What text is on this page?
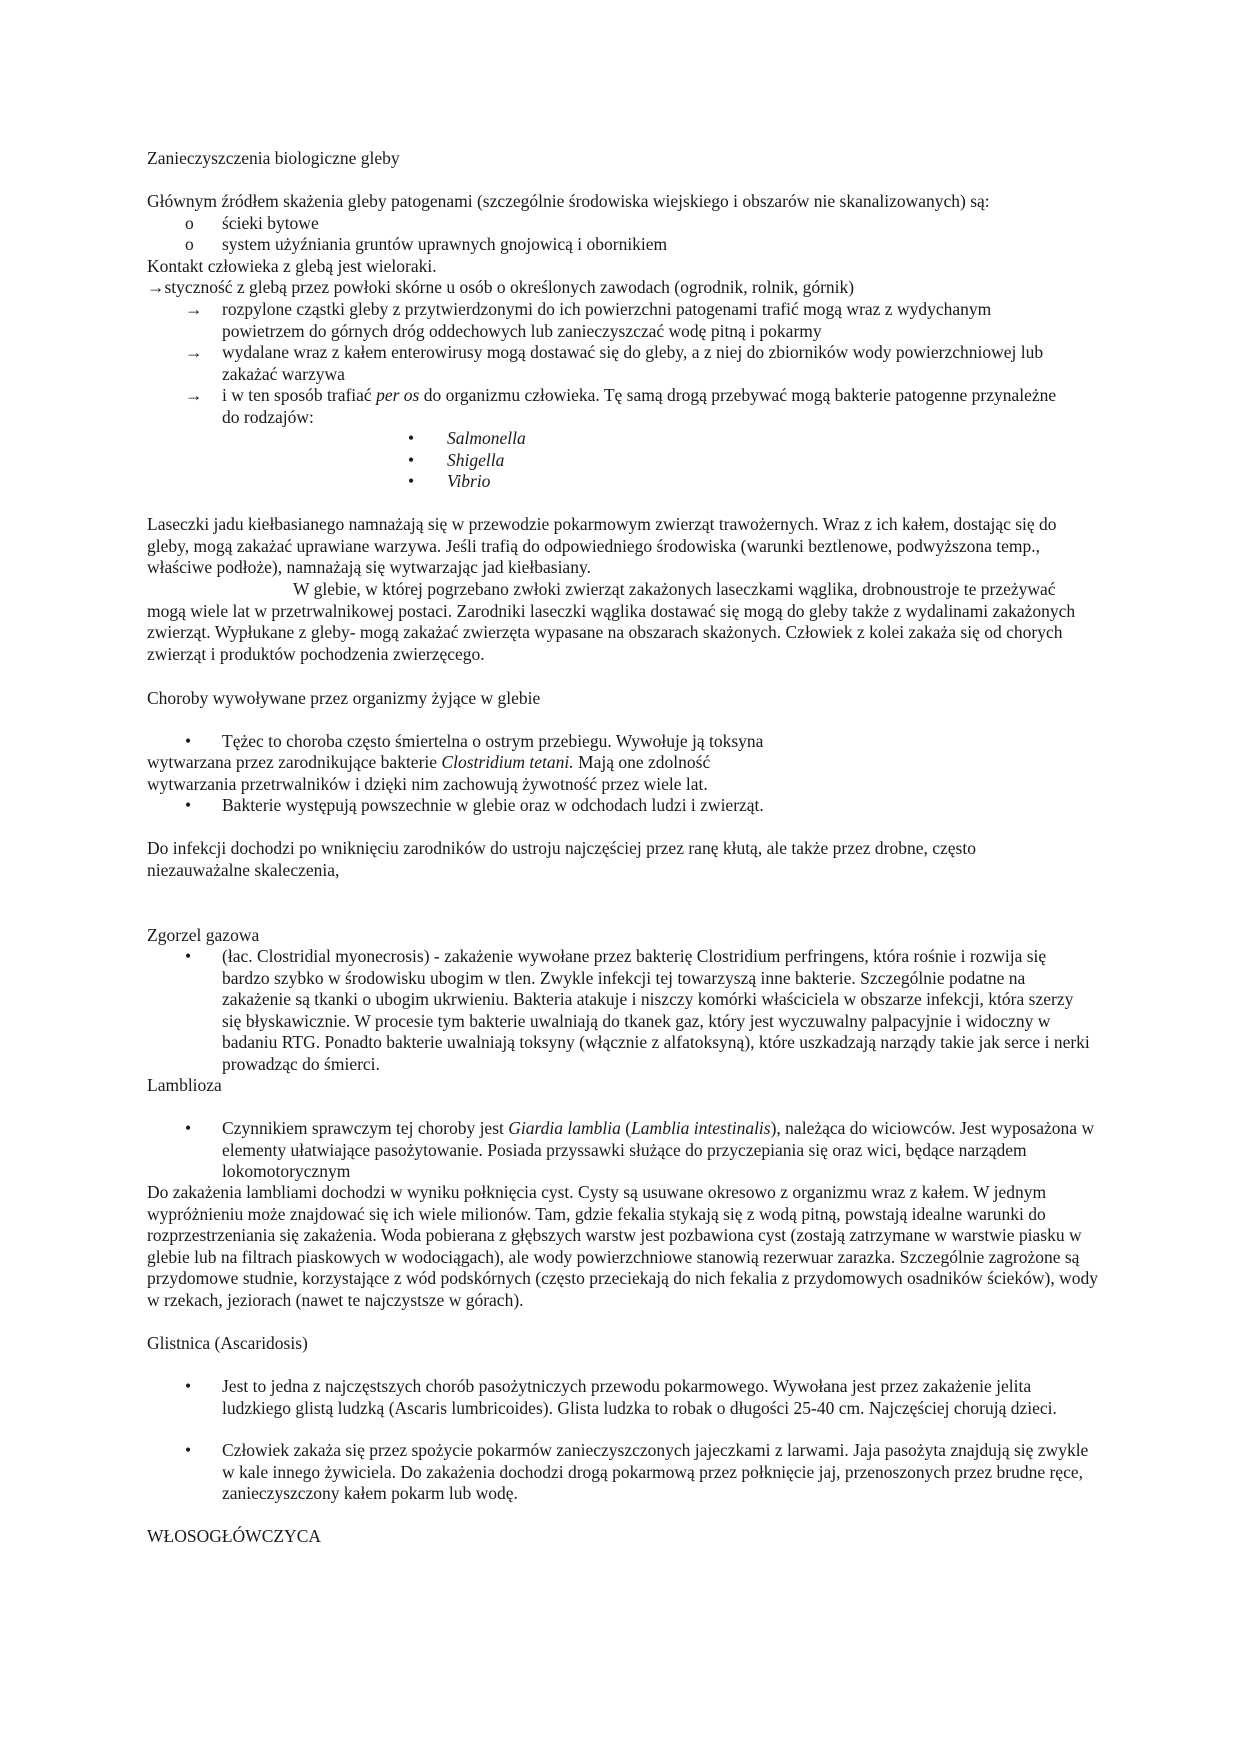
Zanieczyszczenia biologiczne gleby
Głównym źródłem skażenia gleby patogenami (szczególnie środowiska wiejskiego i obszarów nie skanalizowanych) są:
o	ścieki bytowe
o	system użyźniania gruntów uprawnych gnojowicą i obornikiem
Kontakt człowieka z glebą jest wieloraki.
→styczność z glebą przez powłoki skórne u osób o określonych zawodach (ogrodnik, rolnik, górnik)
→	rozpylone cząstki gleby z przytwierdzonymi do ich powierzchni patogenami trafić mogą wraz z wydychanym powietrzem do górnych dróg oddechowych lub zanieczyszczać wodę pitną i pokarmy
→	wydalane wraz z kałem enterowirusy mogą dostawać się do gleby, a z niej do zbiorników wody powierzchniowej lub zakażać warzywa
→	i w ten sposób trafiać per os do organizmu człowieka. Tę samą drogą przebywać mogą bakterie patogenne przynależne do rodzajów:
•	Salmonella
•	Shigella
•	Vibrio
Laseczki jadu kiełbasianego namnażają się w przewodzie pokarmowym zwierząt trawożernych. Wraz z ich kałem, dostając się do gleby, mogą zakażać uprawiane warzywa. Jeśli trafią do odpowiedniego środowiska (warunki beztlenowe, podwyższona temp., właściwe podłoże), namnażają się wytwarzając jad kiełbasiany.
W glebie, w której pogrzebano zwłoki zwierząt zakażonych laseczkami wąglika, drobnoustroje te przeżywać mogą wiele lat w przetrwalnikowej postaci. Zarodniki laseczki wąglika dostawać się mogą do gleby także z wydalinami zakażonych zwierząt. Wypłukane z gleby- mogą zakażać zwierzęta wypasane na obszarach skażonych. Człowiek z kolei zakaża się od chorych zwierząt i produktów pochodzenia zwierzęcego.
Choroby wywoływane przez organizmy żyjące w glebie
•	Tężec to choroba często śmiertelna o ostrym przebiegu. Wywołuje ją toksyna
wytwarzana przez zarodnikujące bakterie Clostridium tetani. Mają one zdolność
wytwarzania przetrwalników i dzięki nim zachowują żywotność przez wiele lat.
•	Bakterie występują powszechnie w glebie oraz w odchodach ludzi i zwierząt.
Do infekcji dochodzi po wniknięciu zarodników do ustroju najczęściej przez ranę kłutą, ale także przez drobne, często niezauważalne skaleczenia,
Zgorzel gazowa
•	(łac. Clostridial myonecrosis) - zakażenie wywołane przez bakterię Clostridium perfringens, która rośnie i rozwija się bardzo szybko w środowisku ubogim w tlen. Zwykle infekcji tej towarzyszą inne bakterie. Szczególnie podatne na zakażenie są tkanki o ubogim ukrwieniu. Bakteria atakuje i niszczy komórki właściciela w obszarze infekcji, która szerzy się błyskawicznie. W procesie tym bakterie uwalniają do tkanek gaz, który jest wyczuwalny palpacyjnie i widoczny w badaniu RTG. Ponadto bakterie uwalniają toksyny (włącznie z alfatoksyną), które uszkadzają narządy takie jak serce i nerki prowadząc do śmierci.
Lamblioza
•	Czynnikiem sprawczym tej choroby jest Giardia lamblia (Lamblia intestinalis), należąca do wiciowców. Jest wyposażona w elementy ułatwiające pasożytowanie. Posiada przyssawki służące do przyczepiania się oraz wici, będące narządem lokomotorycznym
Do zakażenia lambliami dochodzi w wyniku połknięcia cyst. Cysty są usuwane okresowo z organizmu wraz z kałem. W jednym wypróżnieniu może znajdować się ich wiele milionów. Tam, gdzie fekalia stykają się z wodą pitną, powstają idealne warunki do rozprzestrzeniania się zakażenia. Woda pobierana z głębszych warstw jest pozbawiona cyst (zostają zatrzymane w warstwie piasku w glebie lub na filtrach piaskowych w wodociągach), ale wody powierzchniowe stanowią rezerwuar zarazka. Szczególnie zagrożone są przydomowe studnie, korzystające z wód podskórnych (często przeciekają do nich fekalia z przydomowych osadników ścieków), wody w rzekach, jeziorach (nawet te najczystsze w górach).
Glistnica (Ascaridosis)
•	Jest to jedna z najczęstszych chorób pasożytniczych przewodu pokarmowego. Wywołana jest przez zakażenie jelita ludzkiego glistą ludzką (Ascaris lumbricoides). Glista ludzka to robak o długości 25-40 cm. Najczęściej chorują dzieci.
•	Człowiek zakaża się przez spożycie pokarmów zanieczyszczonych jajeczkami z larwami. Jaja pasożyta znajdują się zwykle w kale innego żywiciela. Do zakażenia dochodzi drogą pokarmową przez połknięcie jaj, przenoszonych przez brudne ręce, zanieczyszczony kałem pokarm lub wodę.
WŁOSOGŁÓWCZYCA
